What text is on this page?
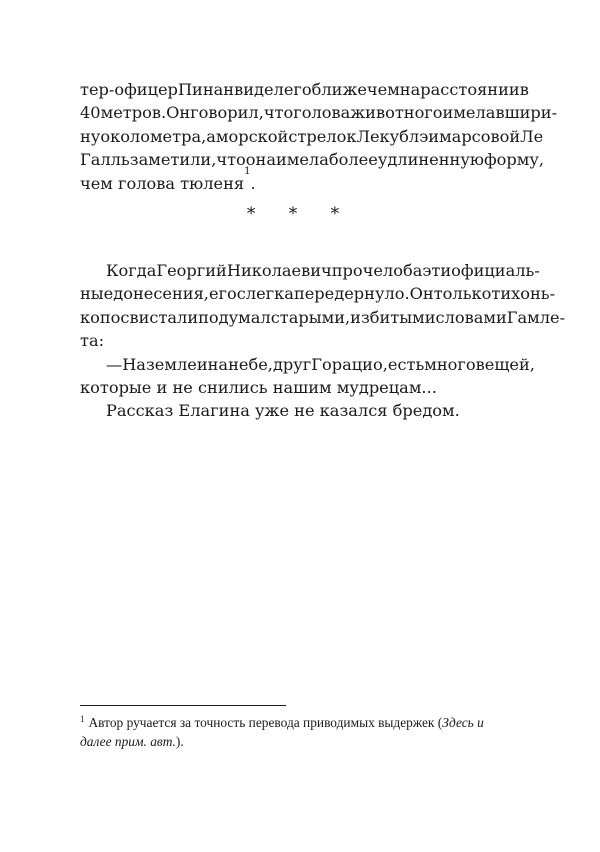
тер-офицер Пинан видел его ближе чем на расстоянии в
40 метров. Он говорил, что голова животного имела в шири-
ну около метра, а морской стрелок Лекублэ и марсовой Ле
Галль заметили, что она имела более удлиненную форму,
чем голова тюленя
1
.
* * *
Когда Георгий Николаевич прочел оба эти официаль-
ные донесения, его слегка передернуло. Он только тихонь-
ко посвистал и подумал старыми, избитыми словами Гамле-
та:
— На земле и на небе, друг Горацио, есть много вещей,
которые и не снились нашим мудрецам...
Рассказ Елагина уже не казался бредом.
$^1$ Автор ручается за точность перевода приводимых выдержек (Здесь и
далее прим. авт. ).
